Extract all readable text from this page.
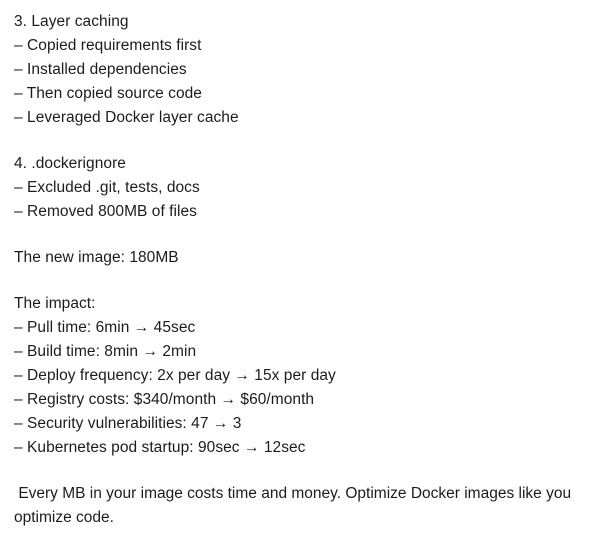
3. Layer caching
– Copied requirements first
– Installed dependencies
– Then copied source code
– Leveraged Docker layer cache
4. .dockerignore
– Excluded .git, tests, docs
– Removed 800MB of files
The new image: 180MB
The impact:
– Pull time: 6min → 45sec
– Build time: 8min → 2min
– Deploy frequency: 2x per day → 15x per day
– Registry costs: $340/month → $60/month
– Security vulnerabilities: 47 → 3
– Kubernetes pod startup: 90sec → 12sec
Every MB in your image costs time and money. Optimize Docker images like you optimize code.
